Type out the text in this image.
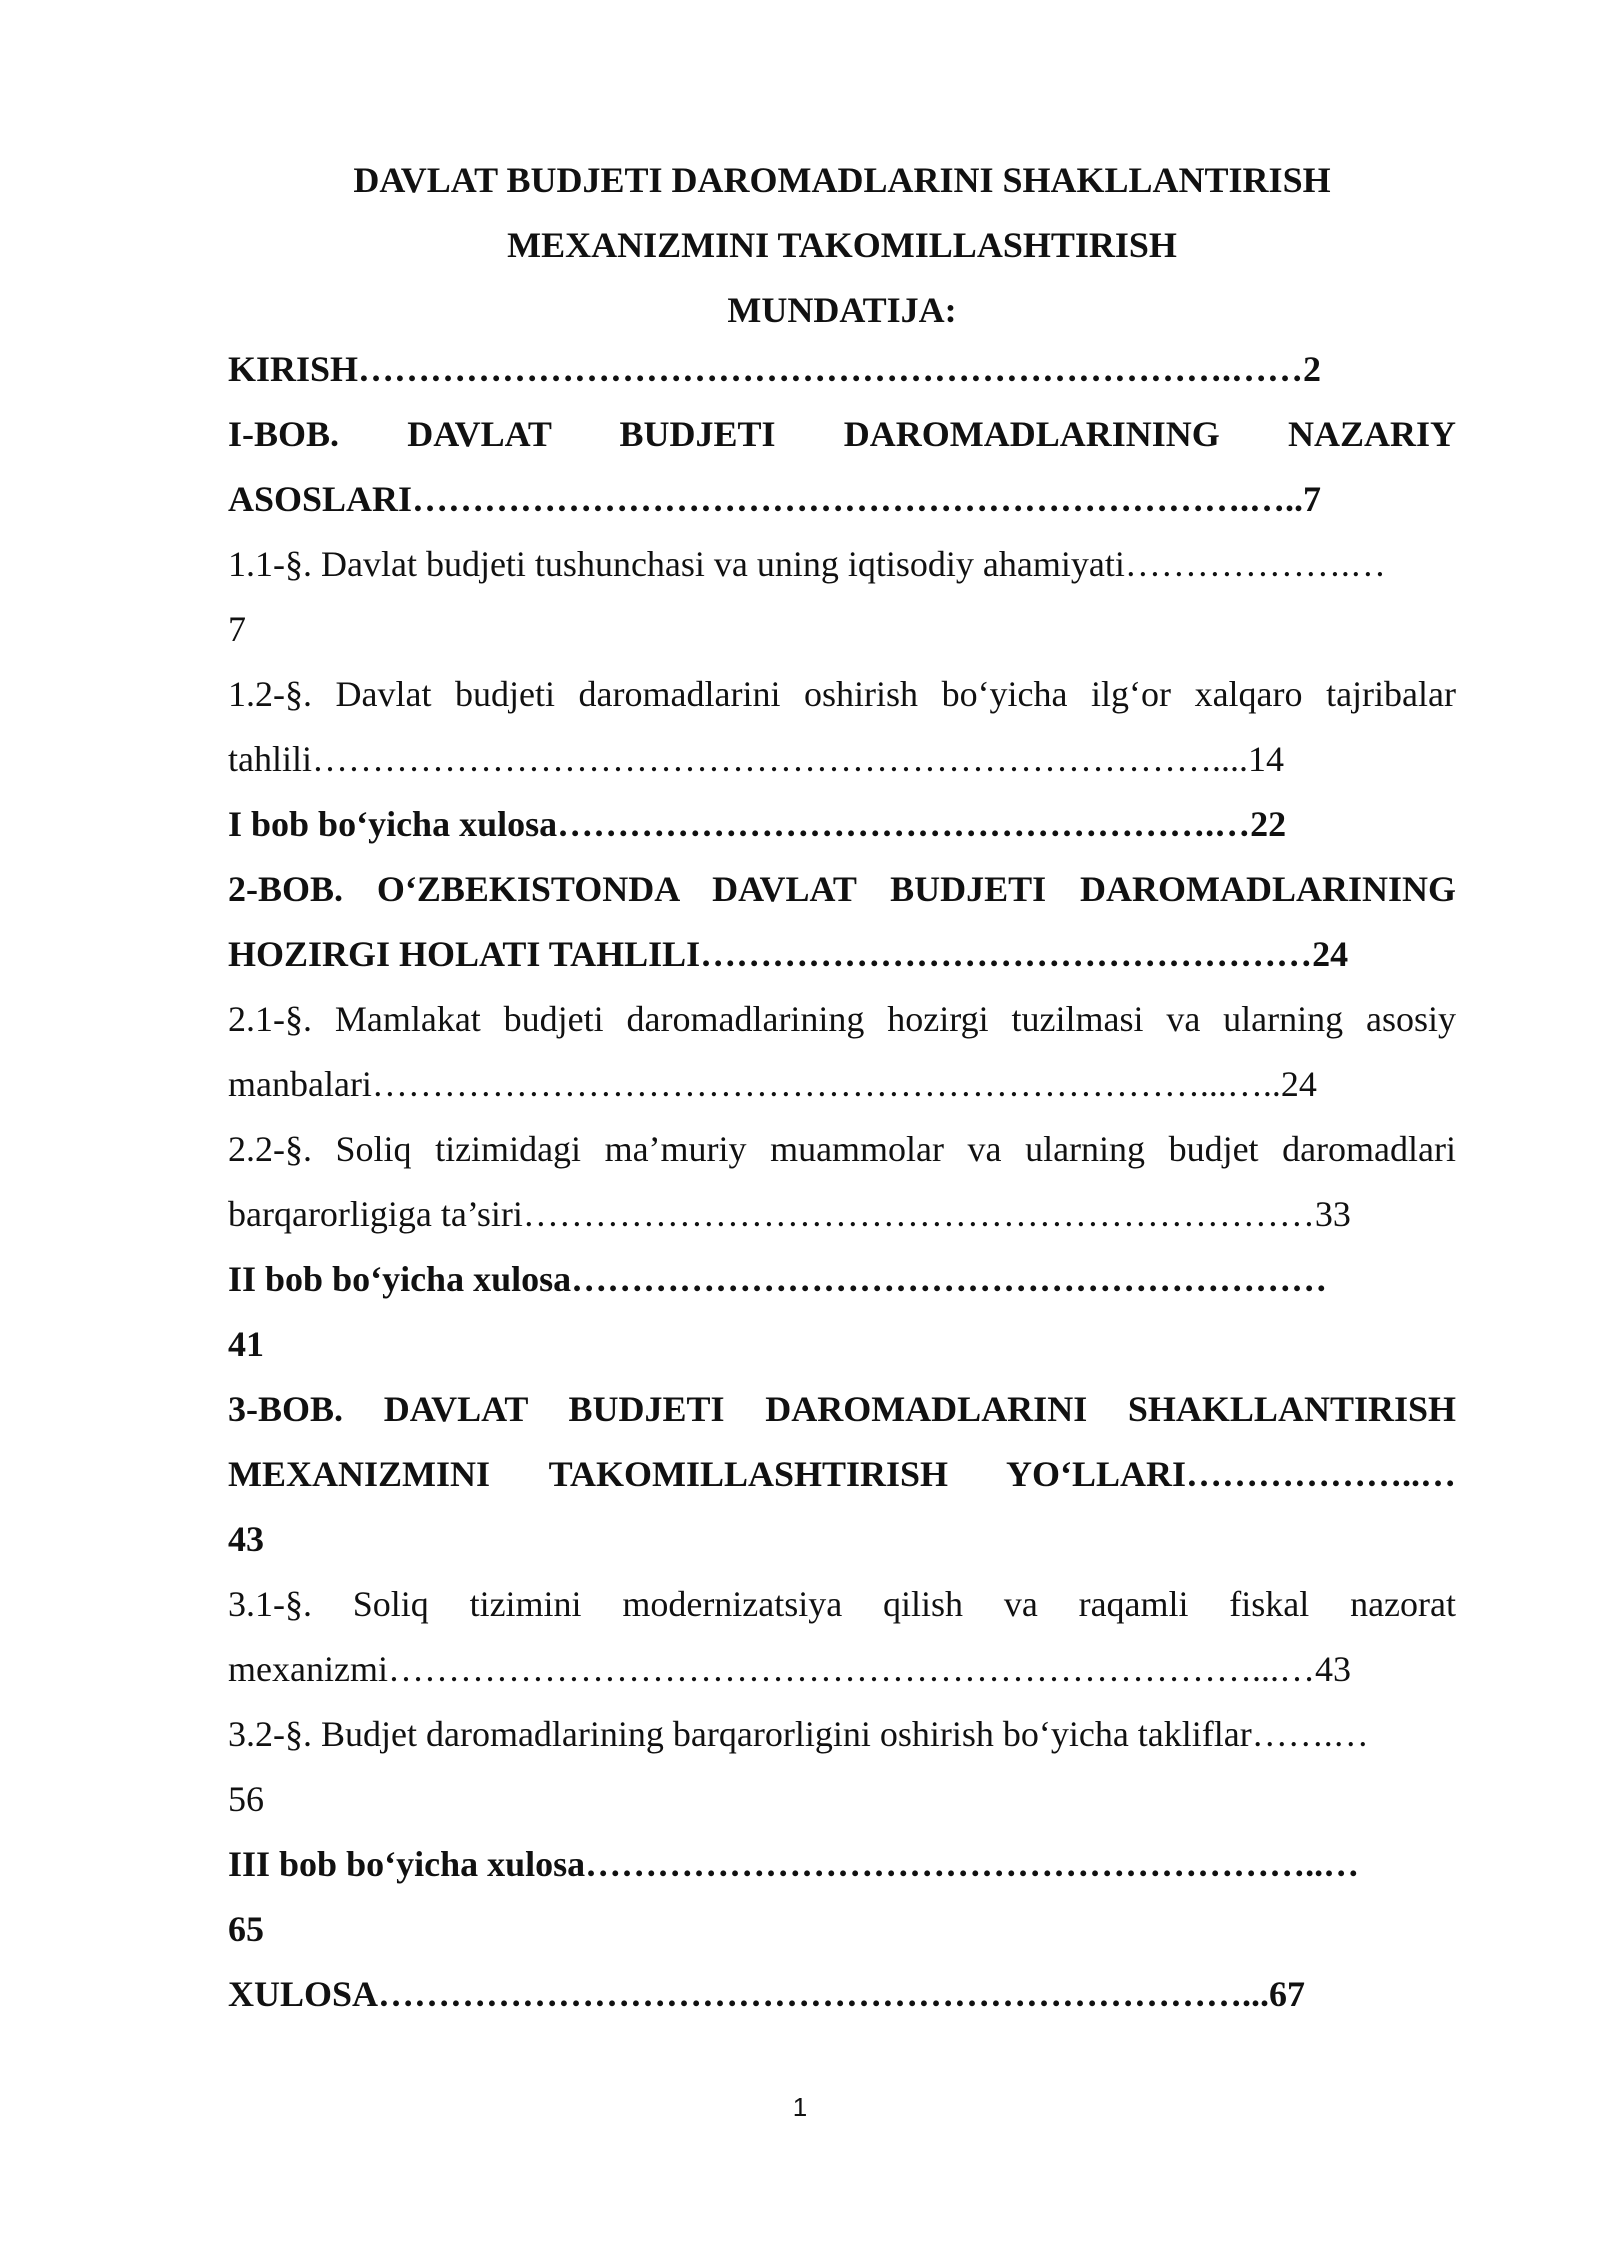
DAVLAT BUDJETI DAROMADLARINI SHAKLLANTIRISH
MEXANIZMINI TAKOMILLASHTIRISH
MUNDATIJA:
KIRISH……………………………………………………………….……2
I-BOB. DAVLAT BUDJETI DAROMADLARINING NAZARIY
ASOSLARI…………………………………………………………….…..7
1.1-§. Davlat budjeti tushunchasi va uning iqtisodiy ahamiyati……………….…
7
1.2-§. Davlat budjeti daromadlarini oshirish bo‘yicha ilg‘or xalqaro tajribalar
tahlili…………………………………………………………………....14
I bob bo‘yicha xulosa……………………………………………….…22
2-BOB. O‘ZBEKISTONDA DAVLAT BUDJETI DAROMADLARINING
HOZIRGI HOLATI TAHLILI……………………………………………24
2.1-§. Mamlakat budjeti daromadlarining hozirgi tuzilmasi va ularning asosiy
manbalari……………………………………………………………...…..24
2.2-§. Soliq tizimidagi ma’muriy muammolar va ularning budjet daromadlari
barqarorligiga ta’siri…………………………………………………………33
II bob bo‘yicha xulosa………………………………………………………
41
3-BOB. DAVLAT BUDJETI DAROMADLARINI SHAKLLANTIRISH
MEXANIZMINI TAKOMILLASHTIRISH YO‘LLARI………………..…
43
3.1-§. Soliq tizimini modernizatsiya qilish va raqamli fiskal nazorat
mexanizmi………………………………………………………………...…43
3.2-§. Budjet daromadlarining barqarorligini oshirish bo‘yicha takliflar…….…
56
III bob bo‘yicha xulosa……………………………………………………..…
65
XULOSA………………………………………………………………...67
1
